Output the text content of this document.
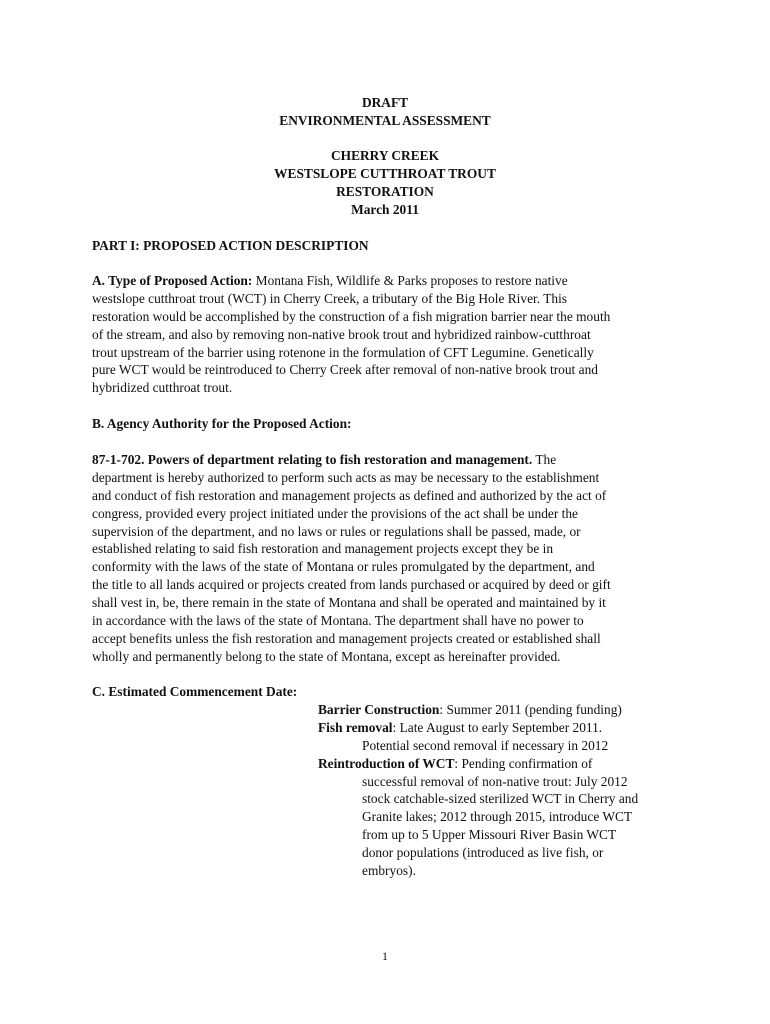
DRAFT
ENVIRONMENTAL ASSESSMENT
CHERRY CREEK
WESTSLOPE CUTTHROAT TROUT
RESTORATION
March 2011
PART I: PROPOSED ACTION DESCRIPTION
A. Type of Proposed Action: Montana Fish, Wildlife & Parks proposes to restore native
westslope cutthroat trout (WCT) in Cherry Creek, a tributary of the Big Hole River. This
restoration would be accomplished by the construction of a fish migration barrier near the mouth
of the stream, and also by removing non-native brook trout and hybridized rainbow-cutthroat
trout upstream of the barrier using rotenone in the formulation of CFT Legumine. Genetically
pure WCT would be reintroduced to Cherry Creek after removal of non-native brook trout and
hybridized cutthroat trout.
B. Agency Authority for the Proposed Action:
87-1-702. Powers of department relating to fish restoration and management. The
department is hereby authorized to perform such acts as may be necessary to the establishment
and conduct of fish restoration and management projects as defined and authorized by the act of
congress, provided every project initiated under the provisions of the act shall be under the
supervision of the department, and no laws or rules or regulations shall be passed, made, or
established relating to said fish restoration and management projects except they be in
conformity with the laws of the state of Montana or rules promulgated by the department, and
the title to all lands acquired or projects created from lands purchased or acquired by deed or gift
shall vest in, be, there remain in the state of Montana and shall be operated and maintained by it
in accordance with the laws of the state of Montana. The department shall have no power to
accept benefits unless the fish restoration and management projects created or established shall
wholly and permanently belong to the state of Montana, except as hereinafter provided.
C. Estimated Commencement Date:
Barrier Construction: Summer 2011 (pending funding)
Fish removal: Late August to early September 2011.
Potential second removal if necessary in 2012
Reintroduction of WCT: Pending confirmation of
successful removal of non-native trout: July 2012
stock catchable-sized sterilized WCT in Cherry and
Granite lakes; 2012 through 2015, introduce WCT
from up to 5 Upper Missouri River Basin WCT
donor populations (introduced as live fish, or
embryos).
1
